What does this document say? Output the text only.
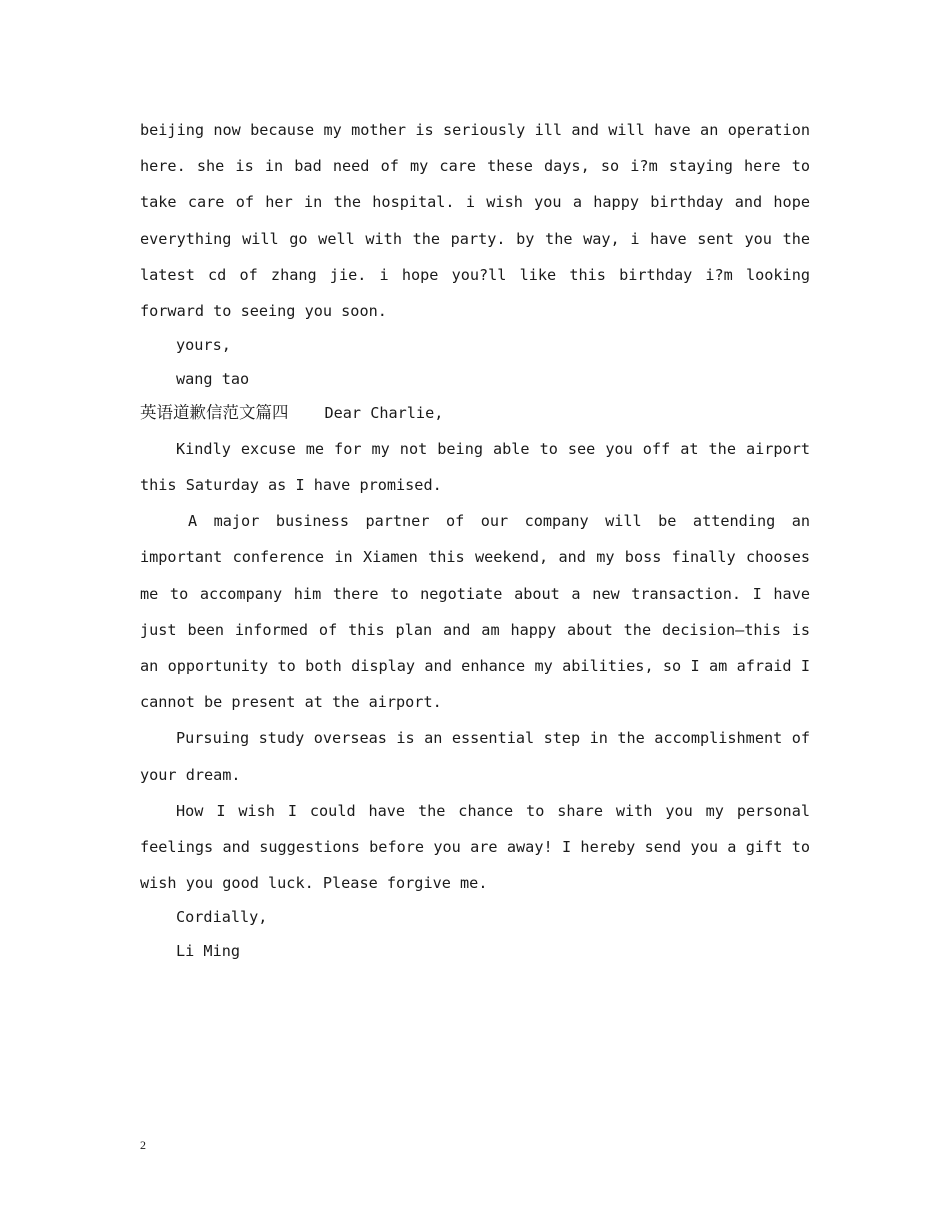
beijing now because my mother is seriously ill and will have an operation here. she is in bad need of my care these days, so i?m staying here to take care of her in the hospital. i wish you a happy birthday and hope everything will go well with the party. by the way, i have sent you the latest cd of zhang jie. i hope you?ll like this birthday i?m looking forward to seeing you soon.

yours,

wang tao

英语道歉信范文篇四 Dear Charlie,

Kindly excuse me for my not being able to see you off at the airport this Saturday as I have promised.

A major business partner of our company will be attending an important conference in Xiamen this weekend, and my boss finally chooses me to accompany him there to negotiate about a new transaction. I have just been informed of this plan and am happy about the decision—this is an opportunity to both display and enhance my abilities, so I am afraid I cannot be present at the airport.

Pursuing study overseas is an essential step in the accomplishment of your dream.

How I wish I could have the chance to share with you my personal feelings and suggestions before you are away! I hereby send you a gift to wish you good luck. Please forgive me.

Cordially,

Li Ming

2
